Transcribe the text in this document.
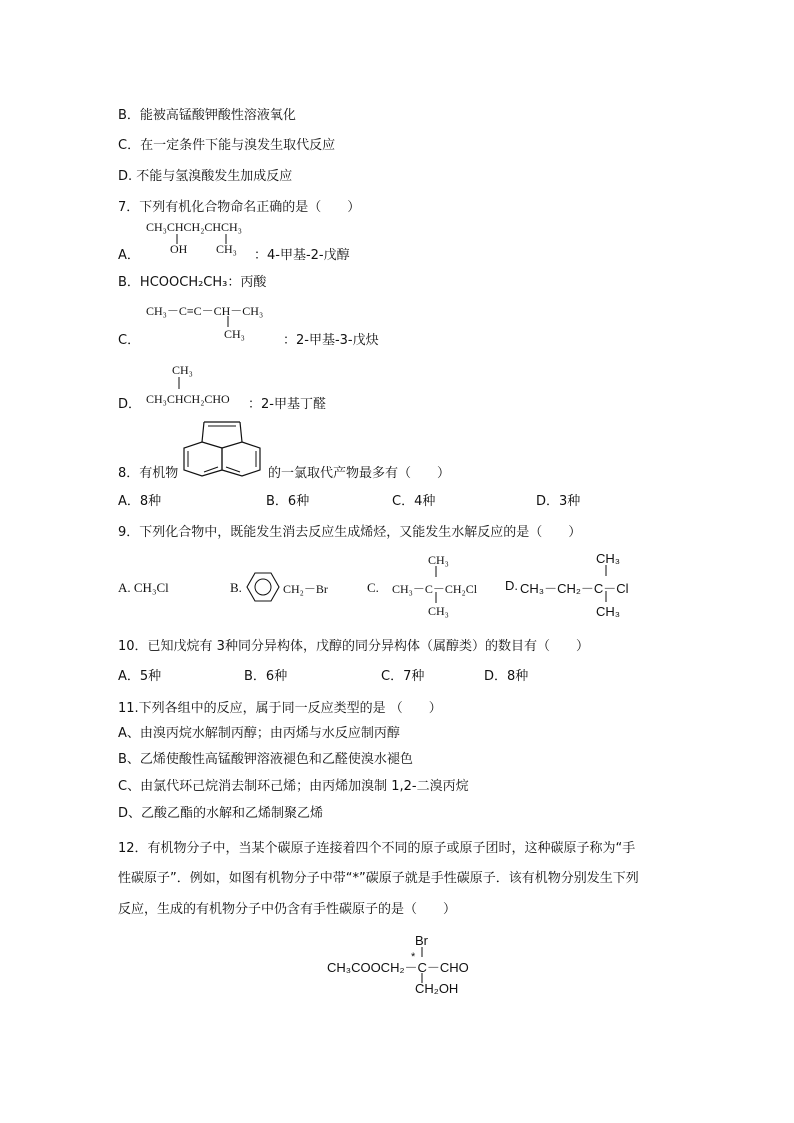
B．能被高锰酸钾酸性溶液氧化
C．在一定条件下能与溴发生取代反应
D. 不能与氢溴酸发生加成反应
7．下列有机化合物命名正确的是（　　）
CH₃CHCH₂CHCH₃
OH CH₃
A．	：4-甲基-2-戊醇
B．HCOOCH₂CH₃：丙酸
CH₃－C≡C－CH－CH₃
CH₃
C．	：2-甲基-3-戊炔
CH₃
D． CH₃CHCH₂CHO ：2-甲基丁醛
8．有机物	的一氯取代产物最多有（　　）
A．8种	B．6种	C．4种	D．3种
9．下列化合物中，既能发生消去反应生成烯烃，又能发生水解反应的是（　　）
A. CH₃Cl	B.	CH₂－Br	C.
CH₃
CH₃－C－CH₂Cl
CH₃
D.
CH₃
CH₃－CH₂－C－Cl
CH₃
10．已知戊烷有 3种同分异构体，戊醇的同分异构体（属醇类）的数目有（　　）
A．5种	B．6种	C．7种	D．8种
11.下列各组中的反应，属于同一反应类型的是 （　　）
A、由溴丙烷水解制丙醇；由丙烯与水反应制丙醇
B、乙烯使酸性高锰酸钾溶液褪色和乙醛使溴水褪色
C、由氯代环己烷消去制环己烯；由丙烯加溴制 1,2-二溴丙烷
D、乙酸乙酯的水解和乙烯制聚乙烯
12．有机物分子中，当某个碳原子连接着四个不同的原子或原子团时，这种碳原子称为“手
性碳原子”．例如，如图有机物分子中带“*”碳原子就是手性碳原子．该有机物分别发生下列
反应，生成的有机物分子中仍含有手性碳原子的是（　　）
Br
*
CH₃COOCH₂－C－CHO
CH₂OH
